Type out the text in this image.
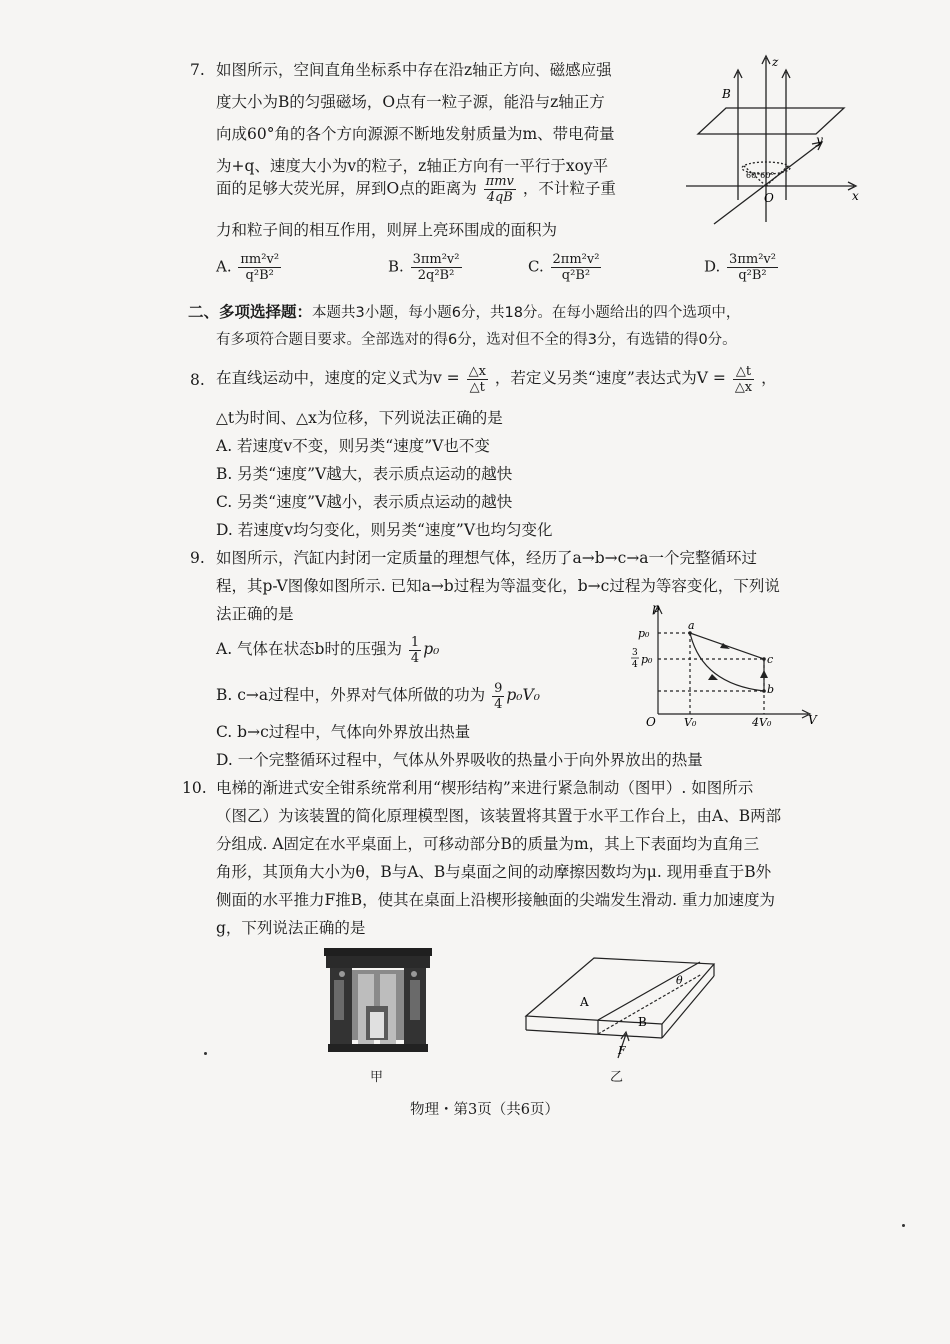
7. 如图所示，空间直角坐标系中存在沿z轴正方向、磁感应强
度大小为B的匀强磁场，O点有一粒子源，能沿与z轴正方
向成60°角的各个方向源源不断地发射质量为m、带电荷量
为+q、速度大小为v的粒子，z轴正方向有一平行于xoy平
面的足够大荧光屏，屏到O点的距离为 $\frac{\text{πmv}}{4qB}$ ，不计粒子重
力和粒子间的相互作用，则屏上亮环围成的面积为
A. $\frac{\text{πm²v²}}{\text{q²B²}}$	B. $\frac{\text{3πm²v²}}{\text{2q²B²}}$	C. $\frac{\text{2πm²v²}}{\text{q²B²}}$	D. $\frac{\text{3πm²v²}}{\text{q²B²}}$
z
B
y
x
O
60°60°
二、多项选择题：本题共3小题，每小题6分，共18分。在每小题给出的四个选项中，
有多项符合题目要求。全部选对的得6分，选对但不全的得3分，有选错的得0分。
8. 在直线运动中，速度的定义式为$v = \frac{\triangle x}{\triangle t}$ ，若定义另类“速度”表达式为$V = \frac{\triangle t}{\triangle x}$ ，
△t为时间、△x为位移，下列说法正确的是
A. 若速度v不变，则另类“速度”V也不变
B. 另类“速度”V越大，表示质点运动的越快
C. 另类“速度”V越小，表示质点运动的越快
D. 若速度v均匀变化，则另类“速度”V也均匀变化
9. 如图所示，汽缸内封闭一定质量的理想气体，经历了a→b→c→a一个完整循环过
程，其p-V图像如图所示. 已知a→b过程为等温变化，b→c过程为等容变化，下列说
法正确的是
A. 气体在状态b时的压强为 $\frac{1}{4} p_0$
B. c→a过程中，外界对气体所做的功为 $\frac{9}{4} p_0V_0$
C. b→c过程中，气体向外界放出热量
D. 一个完整循环过程中，气体从外界吸收的热量小于向外界放出的热量
p
V
O
a
c
b
p₀
3
4 p₀
V₀	4V₀
10. 电梯的渐进式安全钳系统常利用“楔形结构”来进行紧急制动（图甲）. 如图所示
（图乙）为该装置的简化原理模型图，该装置将其置于水平工作台上，由A、B两部
分组成. A固定在水平桌面上，可移动部分B的质量为m，其上下表面均为直角三
角形，其顶角大小为θ，B与A、B与桌面之间的动摩擦因数均为μ. 现用垂直于B外
侧面的水平推力F推B，使其在桌面上沿楔形接触面的尖端发生滑动. 重力加速度为
g，下列说法正确的是
甲
A
B
F
θ
乙
物理・第3页（共6页）
